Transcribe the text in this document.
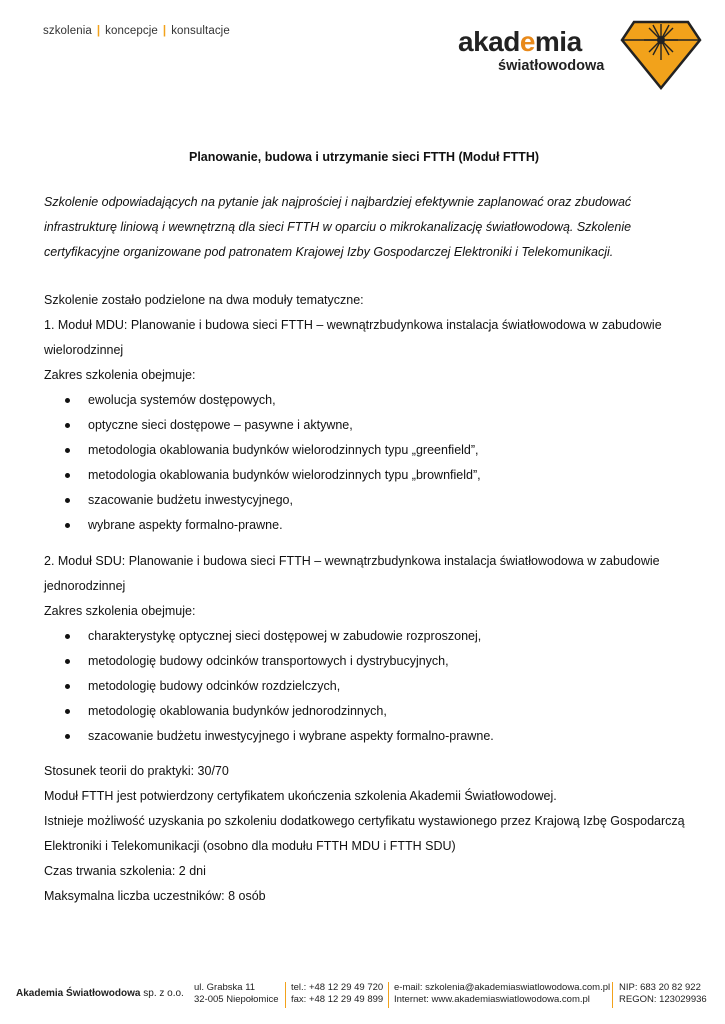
szkolenia | koncepcje | konsultacje	akademia
światłowodowa
Planowanie, budowa i utrzymanie sieci FTTH (Moduł FTTH)
Szkolenie odpowiadających na pytanie jak najprościej i najbardziej efektywnie zaplanować oraz zbudować
infrastrukturę liniową i wewnętrzną dla sieci FTTH w oparciu o mikrokanalizację światłowodową. Szkolenie
certyfikacyjne organizowane pod patronatem Krajowej Izby Gospodarczej Elektroniki i Telekomunikacji.
Szkolenie zostało podzielone na dwa moduły tematyczne:
1. Moduł MDU: Planowanie i budowa sieci FTTH – wewnątrzbudynkowa instalacja światłowodowa w zabudowie
wielorodzinnej
Zakres szkolenia obejmuje:
ewolucja systemów dostępowych,
optyczne sieci dostępowe – pasywne i aktywne,
metodologia okablowania budynków wielorodzinnych typu „greenfield”,
metodologia okablowania budynków wielorodzinnych typu „brownfield”,
szacowanie budżetu inwestycyjnego,
wybrane aspekty formalno-prawne.
2. Moduł SDU: Planowanie i budowa sieci FTTH – wewnątrzbudynkowa instalacja światłowodowa w zabudowie
jednorodzinnej
Zakres szkolenia obejmuje:
charakterystykę optycznej sieci dostępowej w zabudowie rozproszonej,
metodologię budowy odcinków transportowych i dystrybucyjnych,
metodologię budowy odcinków rozdzielczych,
metodologię okablowania budynków jednorodzinnych,
szacowanie budżetu inwestycyjnego i wybrane aspekty formalno-prawne.
Stosunek teorii do praktyki: 30/70
Moduł FTTH jest potwierdzony certyfikatem ukończenia szkolenia Akademii Światłowodowej.
Istnieje możliwość uzyskania po szkoleniu dodatkowego certyfikatu wystawionego przez Krajową Izbę Gospodarczą
Elektroniki i Telekomunikacji (osobno dla modułu FTTH MDU i FTTH SDU)
Czas trwania szkolenia: 2 dni
Maksymalna liczba uczestników: 8 osób
Akademia Światłowodowa sp. z o.o.
ul. Grabska 11
32-005 Niepołomice
tel.: +48 12 29 49 720
fax: +48 12 29 49 899
e-mail: szkolenia@akademiaswiatlowodowa.com.pl
Internet: www.akademiaswiatlowodowa.com.pl
NIP: 683 20 82 922
REGON: 123029936
